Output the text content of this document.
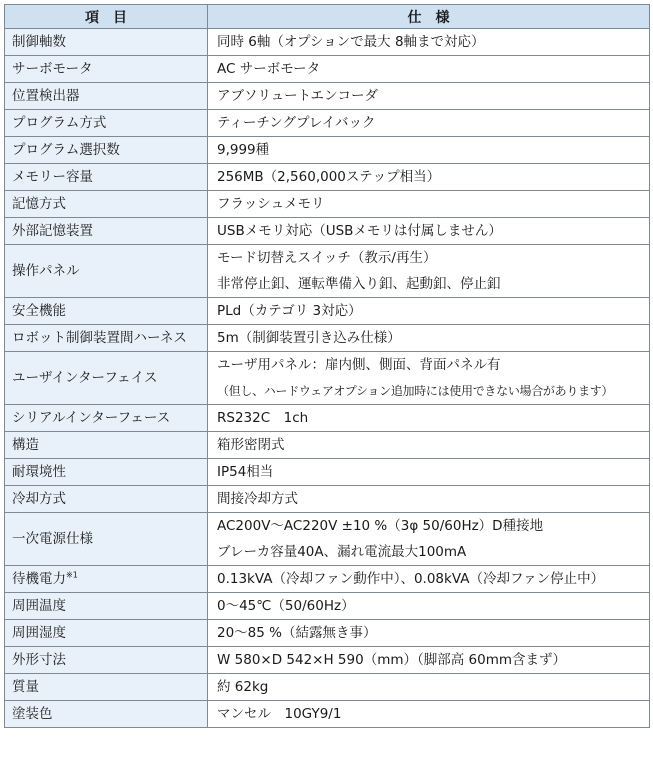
項　目	仕　様
制御軸数	同時 6軸（オプションで最大 8軸まで対応）

サーボモータ	AC サーボモータ

位置検出器	アブソリュートエンコーダ

プログラム方式	ティーチングプレイバック

プログラム選択数	9,999種

メモリー容量	256MB（2,560,000ステップ相当）

記憶方式	フラッシュメモリ

外部記憶装置	USBメモリ対応（USBメモリは付属しません）

操作パネル	モード切替えスイッチ（教示/再生）
非常停止釦、運転準備入り釦、起動釦、停止釦

安全機能	PLd（カテゴリ 3対応）

ロボット制御装置間ハーネス	5m（制御装置引き込み仕様）

ユーザインターフェイス	ユーザ用パネル：扉内側、側面、背面パネル有
（但し、ハードウェアオプション追加時には使用できない場合があります）

シリアルインターフェース	RS232C　1ch

構造	箱形密閉式

耐環境性	IP54相当

冷却方式	間接冷却方式

一次電源仕様	AC200V～AC220V ±10 %（3φ 50/60Hz）D種接地
ブレーカ容量40A、漏れ電流最大100mA

待機電力$^{※1}$	0.13kVA（冷却ファン動作中）、0.08kVA（冷却ファン停止中）

周囲温度	0～45℃（50/60Hz）

周囲湿度	20～85 %（結露無き事）

外形寸法	W 580×D 542×H 590（mm）（脚部高 60mm含まず）

質量	約 62kg

塗装色	マンセル　10GY9/1
